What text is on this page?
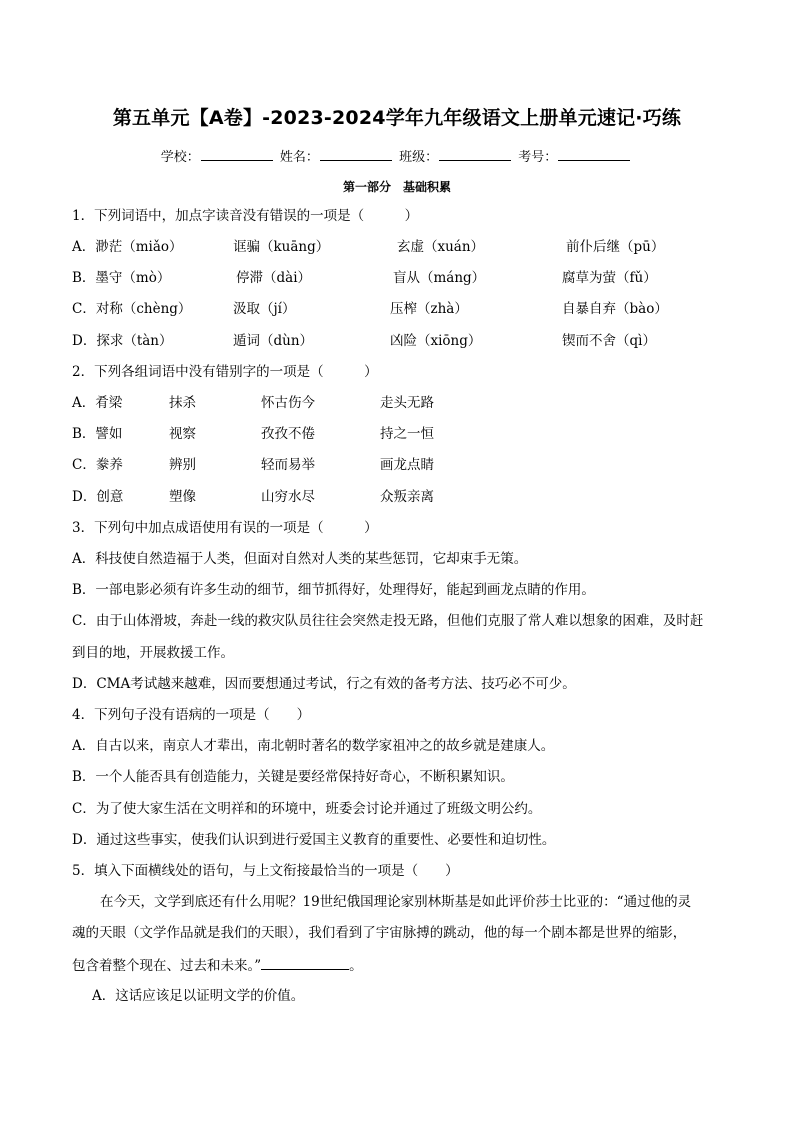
第五单元【A卷】-2023-2024学年九年级语文上册单元速记·巧练
学校：	姓名：	班级：	考号：
第一部分　基础积累
1．下列词语中，加点字读音没有错误的一项是（　　　）
A．渺茫（miǎo）	诓骗（kuāng）	玄虚（xuán）	前仆后继（pū）
B．墨守（mò）	停滞（dài）	盲从（máng）	腐草为萤（fǔ）
C．对称（chèng）	汲取（jí）	压榨（zhà）	自暴自弃（bào）
D．探求（tàn）	遁词（dùn）	凶险（xiōng）	锲而不舍（qì）
2．下列各组词语中没有错别字的一项是（　　　）
A．肴梁	抹杀	怀古伤今	走头无路
B．譬如	视察	孜孜不倦	持之一恒
C．豢养	辨别	轻而易举	画龙点睛
D．创意	塑像	山穷水尽	众叛亲离
3．下列句中加点成语使用有误的一项是（　　　）
A．科技使自然造福于人类，但面对自然对人类的某些惩罚，它却束手无策。
B．一部电影必须有许多生动的细节，细节抓得好，处理得好，能起到画龙点睛的作用。
C．由于山体滑坡，奔赴一线的救灾队员往往会突然走投无路，但他们克服了常人难以想象的困难，及时赶
到目的地，开展救援工作。
D．CMA考试越来越难，因而要想通过考试，行之有效的备考方法、技巧必不可少。
4．下列句子没有语病的一项是（　　）
A．自古以来，南京人才辈出，南北朝时著名的数学家祖冲之的故乡就是建康人。
B．一个人能否具有创造能力，关键是要经常保持好奇心，不断积累知识。
C．为了使大家生活在文明祥和的环境中，班委会讨论并通过了班级文明公约。
D．通过这些事实，使我们认识到进行爱国主义教育的重要性、必要性和迫切性。
5．填入下面横线处的语句，与上文衔接最恰当的一项是（　　）
在今天，文学到底还有什么用呢？19世纪俄国理论家别林斯基是如此评价莎士比亚的：“通过他的灵
魂的天眼（文学作品就是我们的天眼），我们看到了宇宙脉搏的跳动，他的每一个剧本都是世界的缩影，
包含着整个现在、过去和未来。”	。
A．这话应该足以证明文学的价值。
